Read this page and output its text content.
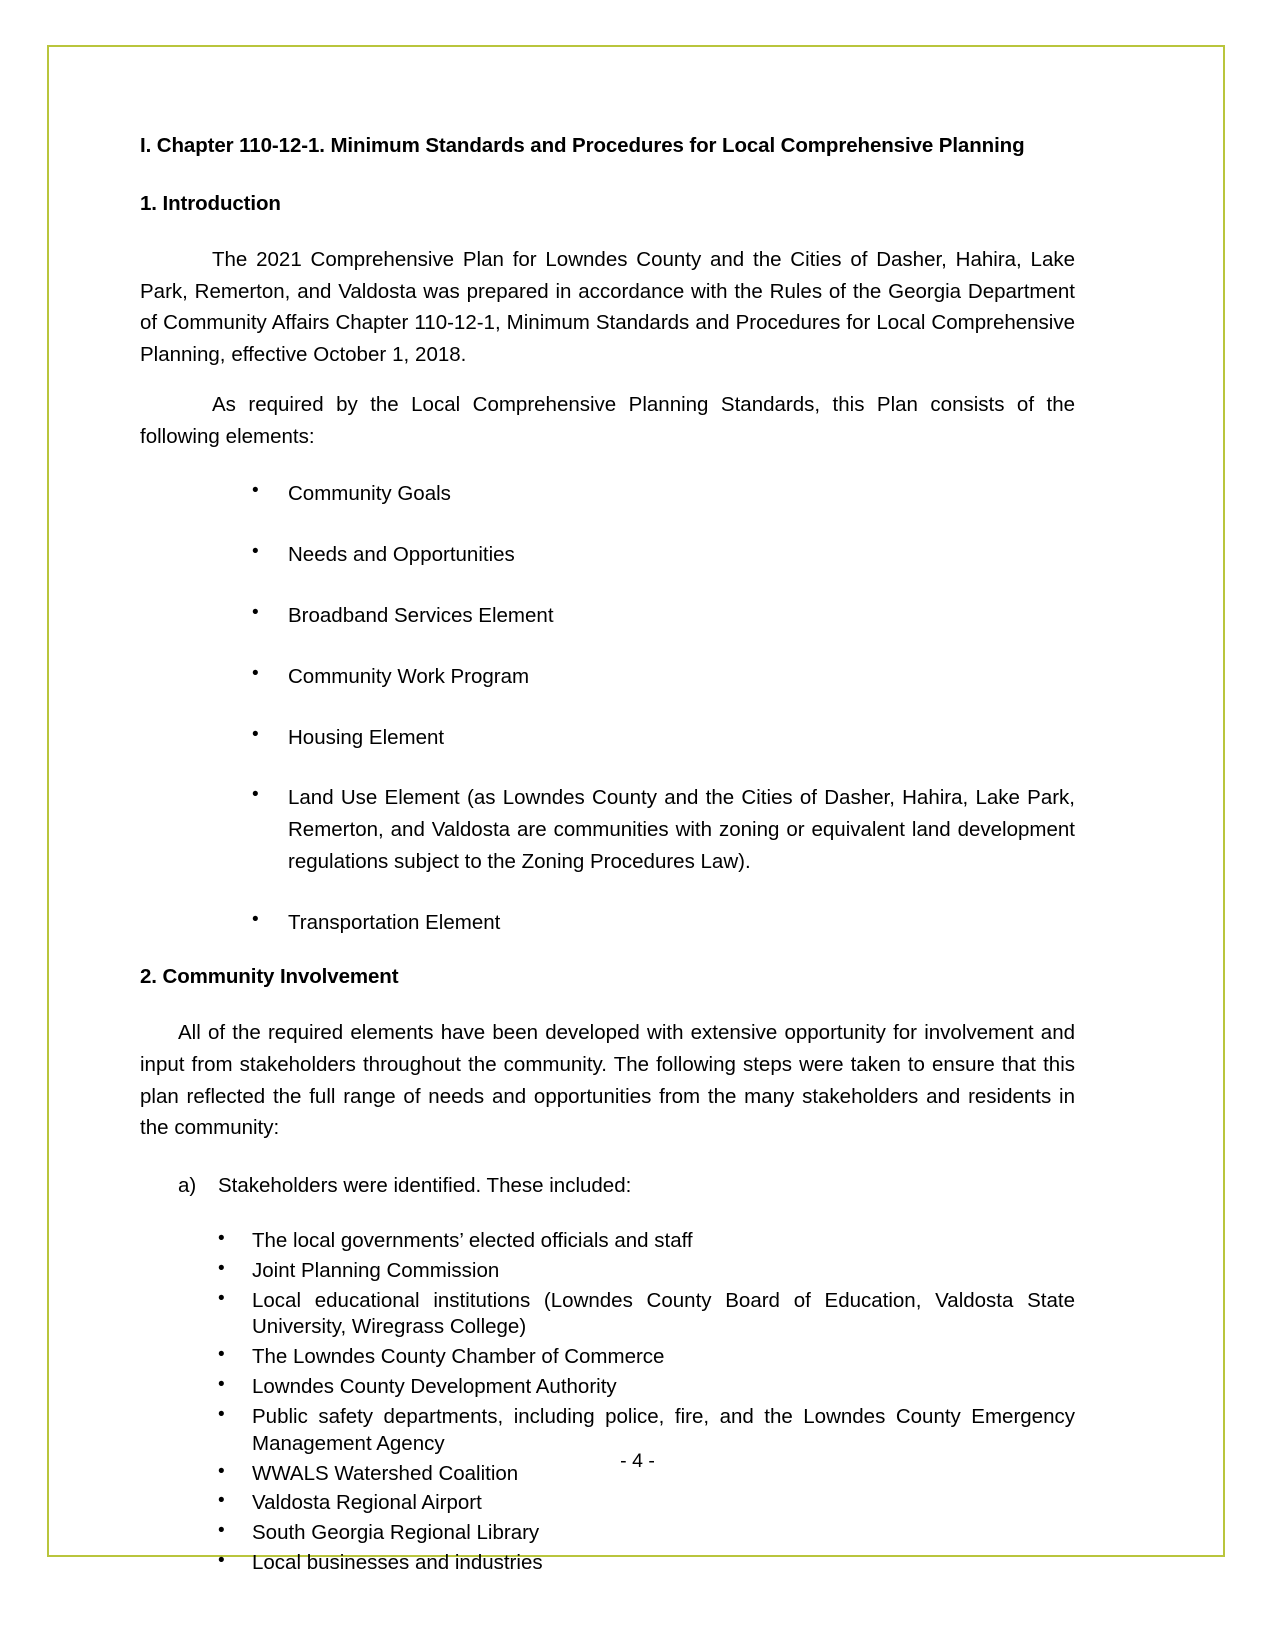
I. Chapter 110-12-1. Minimum Standards and Procedures for Local Comprehensive Planning
1. Introduction

The 2021 Comprehensive Plan for Lowndes County and the Cities of Dasher, Hahira, Lake Park, Remerton, and Valdosta was prepared in accordance with the Rules of the Georgia Department of Community Affairs Chapter 110-12-1, Minimum Standards and Procedures for Local Comprehensive Planning, effective October 1, 2018.

As required by the Local Comprehensive Planning Standards, this Plan consists of the following elements:

• Community Goals
• Needs and Opportunities
• Broadband Services Element
• Community Work Program
• Housing Element
• Land Use Element (as Lowndes County and the Cities of Dasher, Hahira, Lake Park, Remerton, and Valdosta are communities with zoning or equivalent land development regulations subject to the Zoning Procedures Law).
• Transportation Element
2. Community Involvement

All of the required elements have been developed with extensive opportunity for involvement and input from stakeholders throughout the community. The following steps were taken to ensure that this plan reflected the full range of needs and opportunities from the many stakeholders and residents in the community:

a) Stakeholders were identified. These included:
• The local governments’ elected officials and staff
• Joint Planning Commission
• Local educational institutions (Lowndes County Board of Education, Valdosta State University, Wiregrass College)
• The Lowndes County Chamber of Commerce
• Lowndes County Development Authority
• Public safety departments, including police, fire, and the Lowndes County Emergency Management Agency
• WWALS Watershed Coalition
• Valdosta Regional Airport
• South Georgia Regional Library
• Local businesses and industries
- 4 -
